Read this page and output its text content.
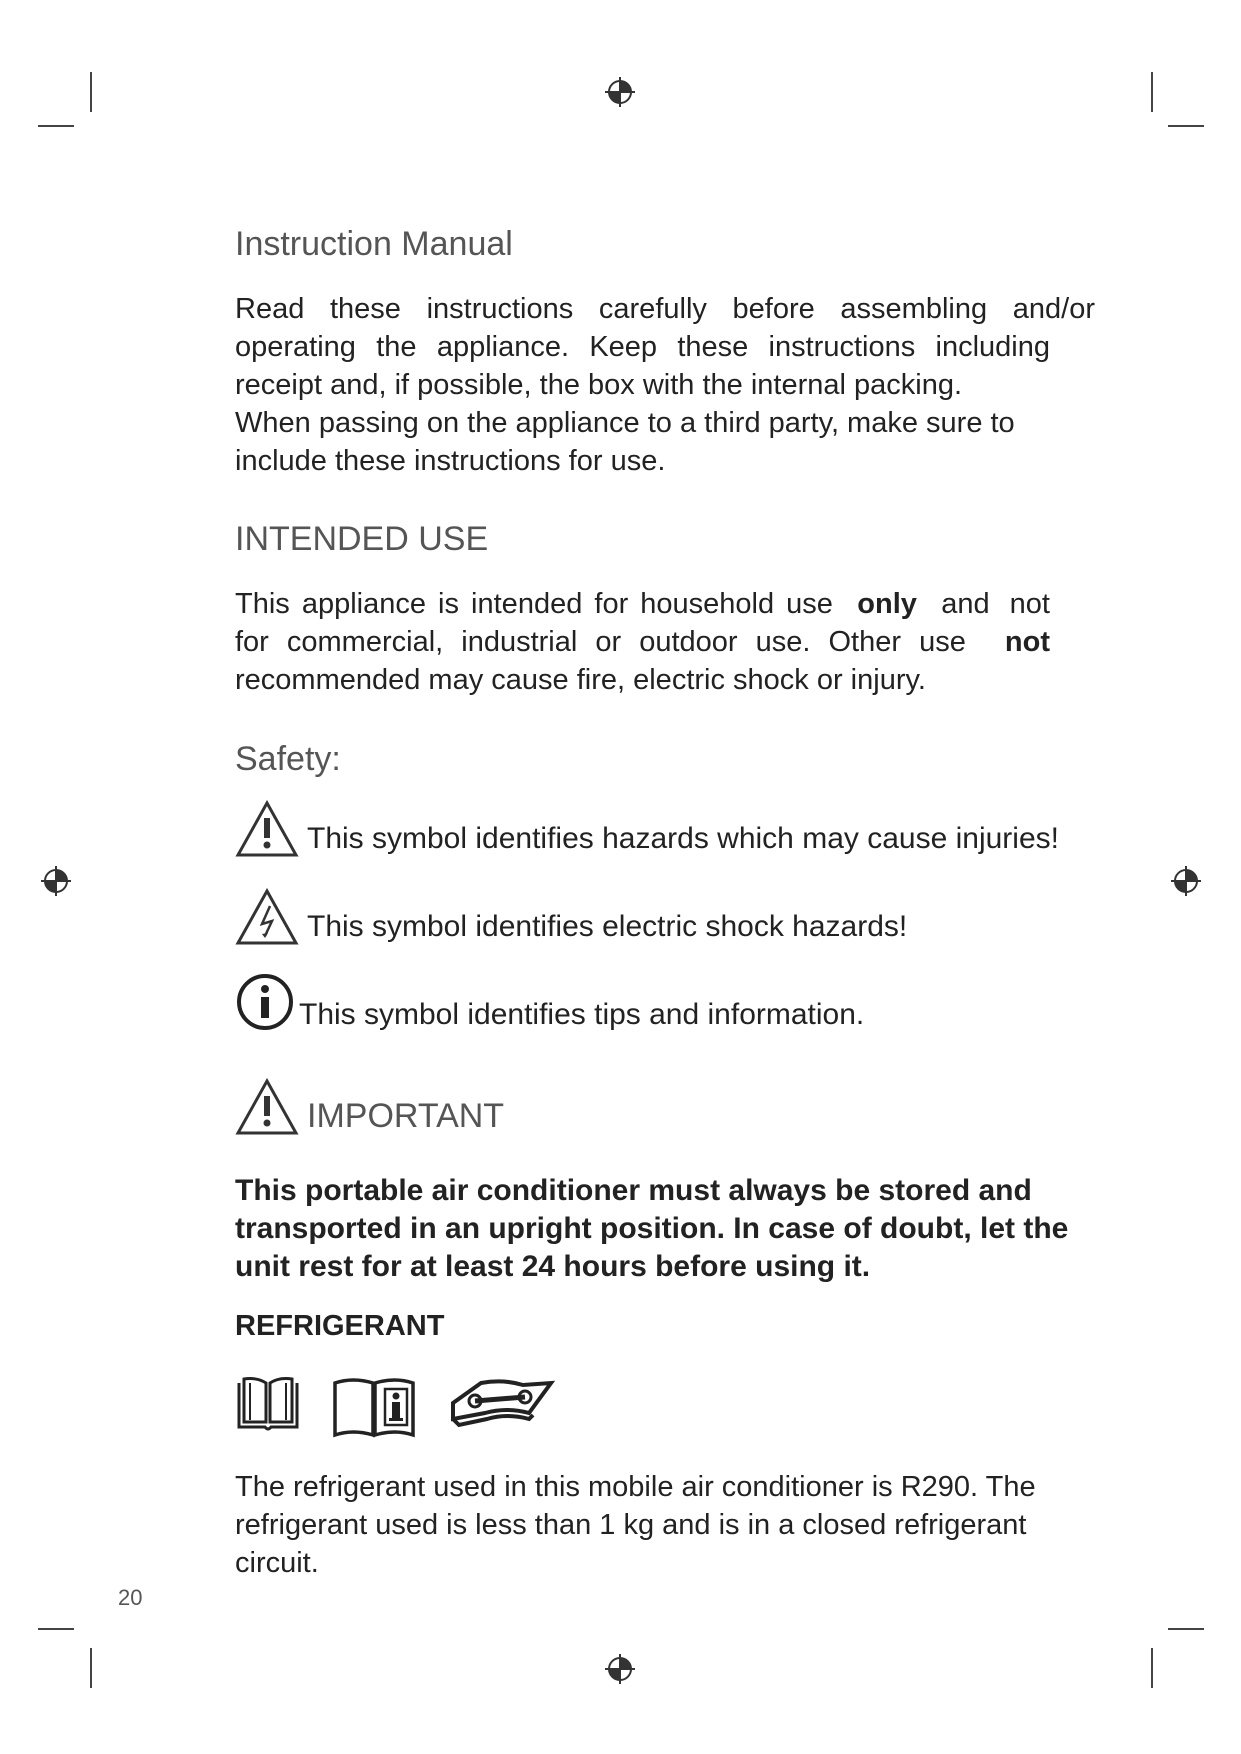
Instruction Manual
Read these instructions carefully before assembling and/or
operating the appliance. Keep these instructions including
receipt and, if possible, the box with the internal packing.
When passing on the appliance to a third party, make sure to
include these instructions for use.
INTENDED USE
This appliance is intended for household use only and not
for commercial, industrial or outdoor use. Other use not
recommended may cause fire, electric shock or injury.
Safety:
This symbol identifies hazards which may cause injuries!
This symbol identifies electric shock hazards!
This symbol identifies tips and information.
IMPORTANT
This portable air conditioner must always be stored and
transported in an upright position. In case of doubt, let the
unit rest for at least 24 hours before using it.
REFRIGERANT
The refrigerant used in this mobile air conditioner is R290. The
refrigerant used is less than 1 kg and is in a closed refrigerant
circuit.
20
